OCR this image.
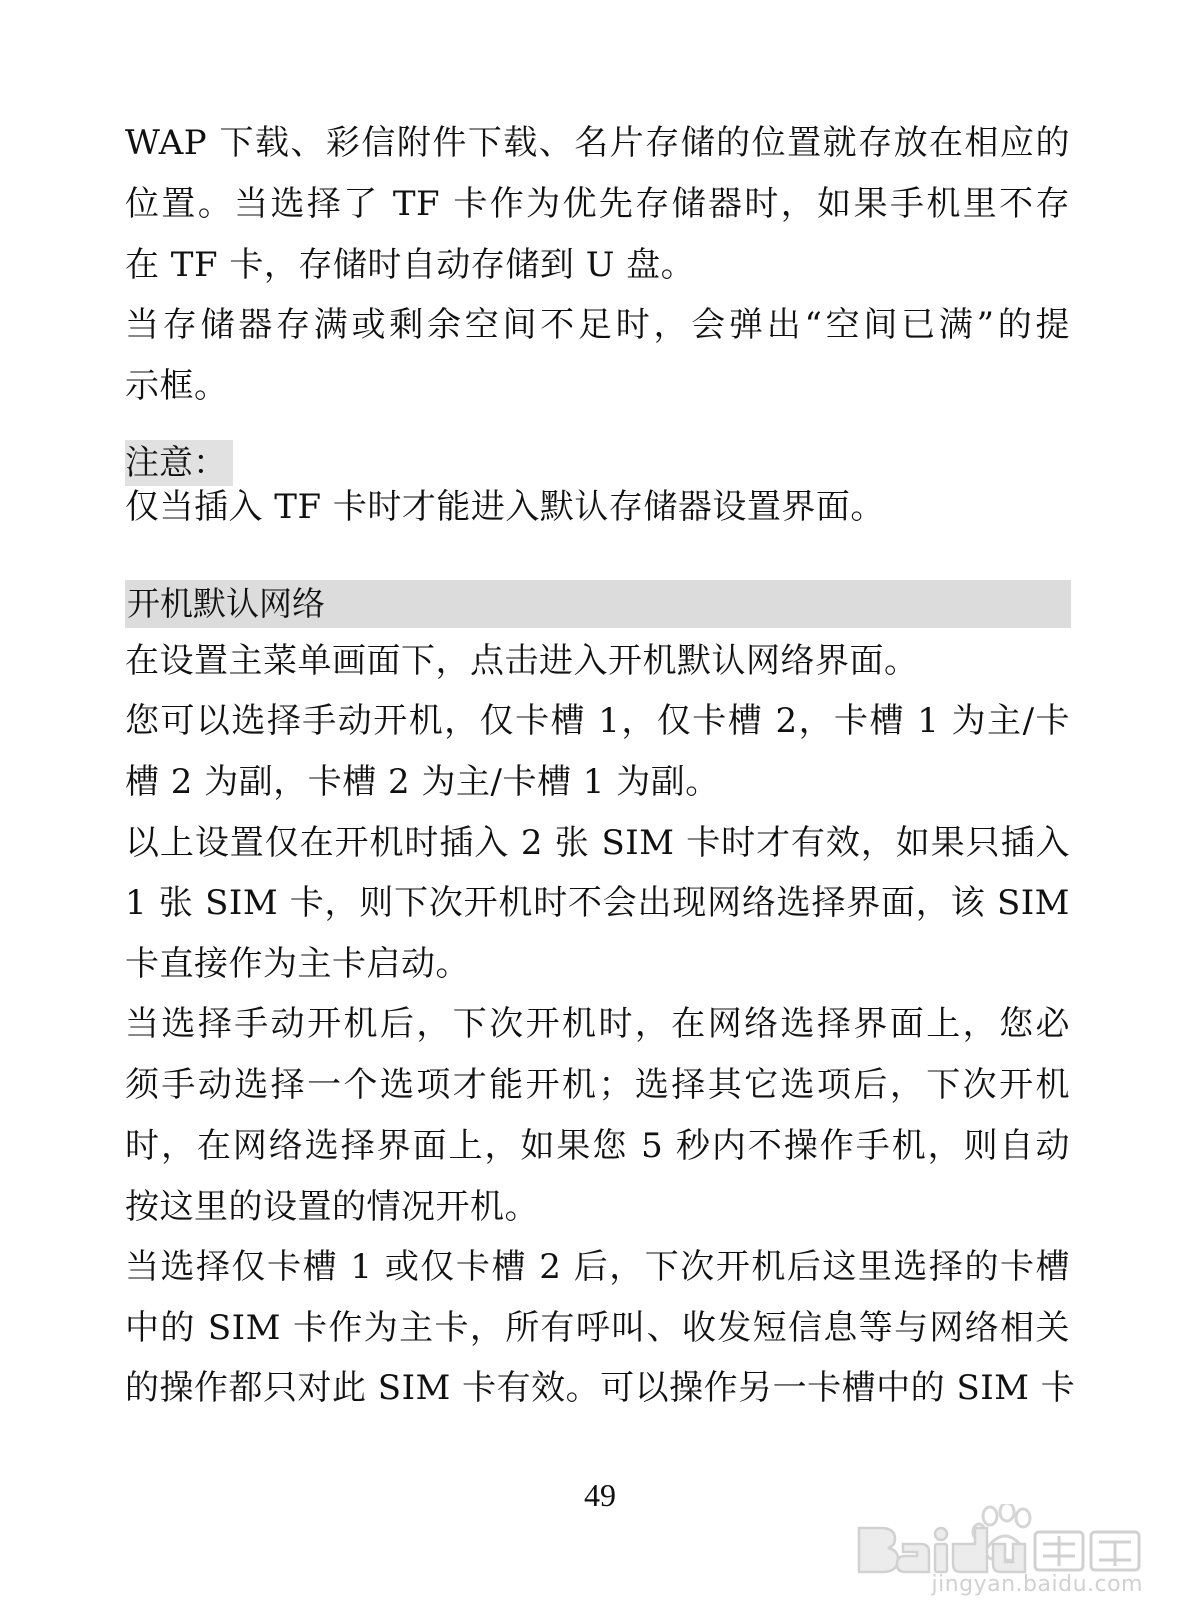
WAP 下载、彩信附件下载、名片存储的位置就存放在相应的
位置。当选择了 TF 卡作为优先存储器时，如果手机里不存
在 TF 卡，存储时自动存储到 U 盘。
当存储器存满或剩余空间不足时，会弹出“空间已满”的提
示框。
注意：
仅当插入 TF 卡时才能进入默认存储器设置界面。
开机默认网络
在设置主菜单画面下，点击进入开机默认网络界面。
您可以选择手动开机，仅卡槽 1，仅卡槽 2，卡槽 1 为主/卡
槽 2 为副，卡槽 2 为主/卡槽 1 为副。
以上设置仅在开机时插入 2 张 SIM 卡时才有效，如果只插入
1 张 SIM 卡，则下次开机时不会出现网络选择界面，该 SIM
卡直接作为主卡启动。
当选择手动开机后，下次开机时，在网络选择界面上，您必
须手动选择一个选项才能开机；选择其它选项后，下次开机
时，在网络选择界面上，如果您 5 秒内不操作手机，则自动
按这里的设置的情况开机。
当选择仅卡槽 1 或仅卡槽 2 后，下次开机后这里选择的卡槽
中的 SIM 卡作为主卡，所有呼叫、收发短信息等与网络相关
的操作都只对此 SIM 卡有效。可以操作另一卡槽中的 SIM 卡
49
jingyan.baidu.com
